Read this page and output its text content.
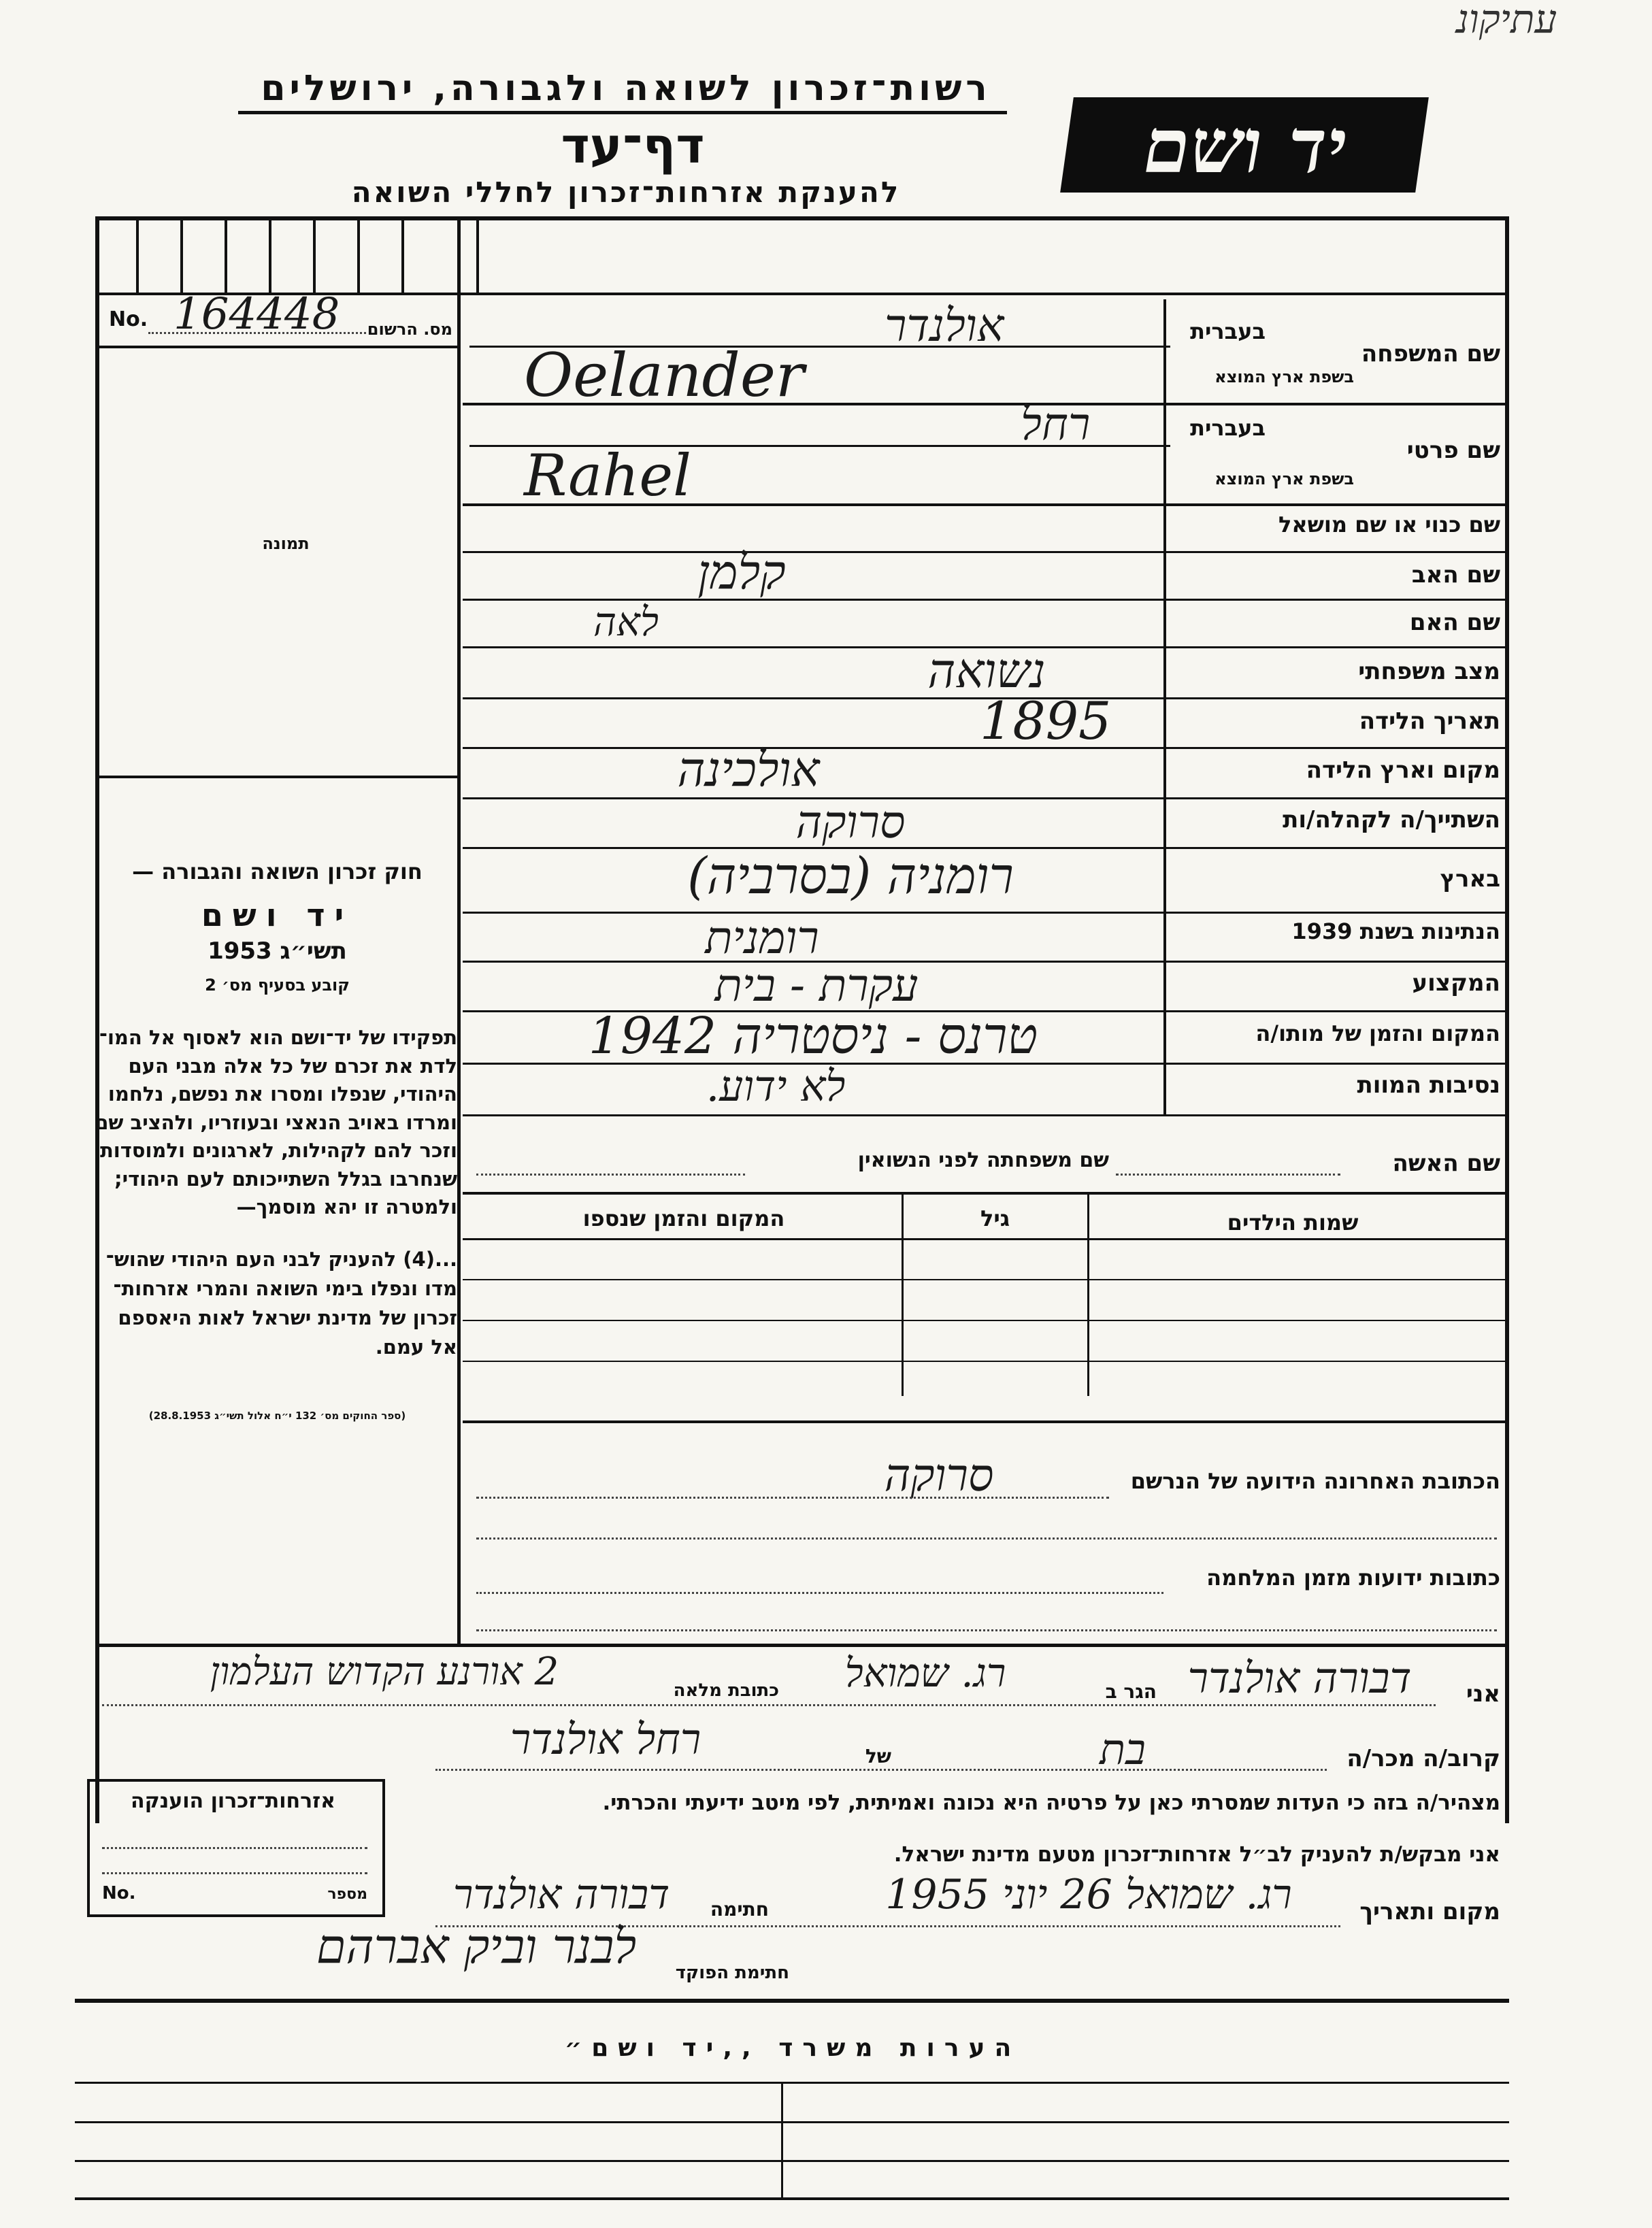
עתיקונ
רשות־זכרון לשואה ולגבורה, ירושלים
דף־עד
להענקת אזרחות־זכרון לחללי השואה
יד ושם
No. 164448 מס. הרשום
תמונה
חוק זכרון השואה והגבורה —
יד ושם
תשי״ג 1953
קובע בסעיף מס׳ 2
תפקידו של יד־ושם הוא לאסוף אל המו־
לדת את זכרם של כל אלה מבני העם
היהודי, שנפלו ומסרו את נפשם, נלחמו
ומרדו באויב הנאצי ובעוזריו, ולהציב שם
וזכר להם לקהילות, לארגונים ולמוסדות
שנחרבו בגלל השתייכותם לעם היהודי;
ולמטרה זו יהא מוסמך—
...(4) להעניק לבני העם היהודי שהוש־
מדו ונפלו בימי השואה והמרי אזרחות־
זכרון של מדינת ישראל לאות היאספם
אל עמם.
(ספר החוקים מס׳ 132 י״ח אלול תשי״ג 28.8.1953)
בעברית
שם המשפחה
בשפת ארץ המוצא
אולנדר
Oelander
בעברית
שם פרטי
בשפת ארץ המוצא
רחל
Rahel
שם כנוי או שם מושאל
שם האב
קלמן
שם האם
לאה
מצב משפחתי
נשואה
תאריך הלידה
1895
מקום וארץ הלידה
אולכינה
השתייך/ה לקהלה/ות
סרוקה
בארץ
רומניה (בסרביה)
הנתינות בשנת 1939
רומנית
המקצוע
עקרת - בית
המקום והזמן של מותו/ה
טרנס - ניסטריה 1942
נסיבות המוות
לא ידוע.
שם האשה
שם משפחתה לפני הנשואין
שמות הילדים
גיל
המקום והזמן שנספו
הכתובת האחרונה הידועה של הנרשם
סרוקה
כתובות ידועות מזמן המלחמה
אני
דבורה אולנדר
הגר ב
רג. שמואל
כתובת מלאה
2 אורנע הקדוש העלמון
קרוב/ה מכר/ה
בת
של
רחל אולנדר
מצהיר/ה בזה כי העדות שמסרתי כאן על פרטיה היא נכונה ואמיתית, לפי מיטב ידיעתי והכרתי.
אני מבקש/ת להעניק לב״ל אזרחות־זכרון מטעם מדינת ישראל.
מקום ותאריך
רג. שמואל 26 יוני 1955
חתימה
דבורה אולנדר
חתימת הפוקד
לבנר וביק אברהם
אזרחות־זכרון הוענקה
No.	מספר
הערות משרד ,,יד ושם״
